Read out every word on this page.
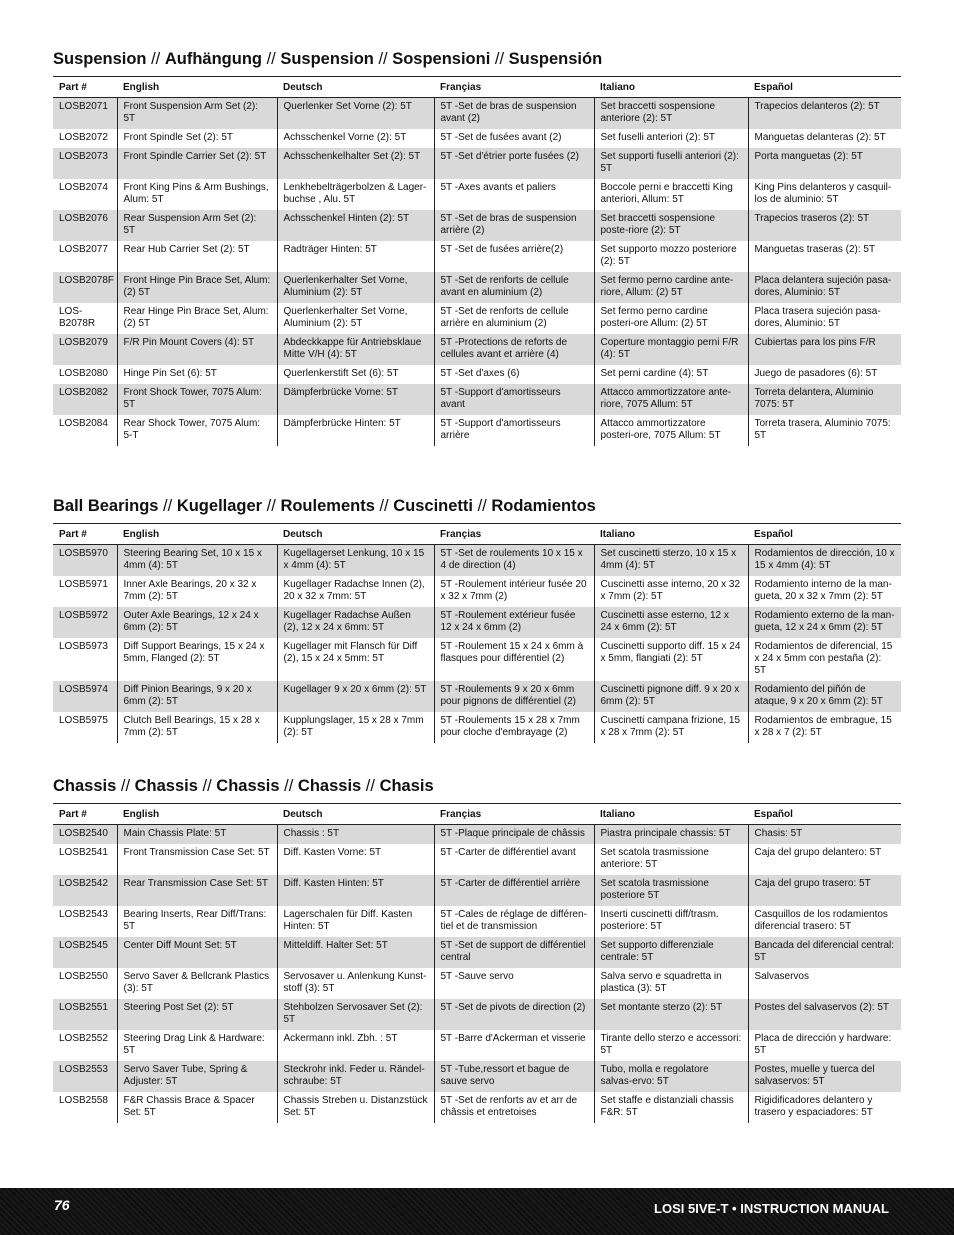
Suspension // Aufhängung // Suspension // Sospensioni // Suspensión
Part #	English	Deutsch	Françias	Italiano	Español
LOSB2071	Front Suspension Arm Set (2): 5T	Querlenker Set Vorne (2): 5T	5T -Set de bras de suspension avant (2)	Set braccetti sospensione anteriore (2): 5T	Trapecios delanteros (2): 5T
LOSB2072	Front Spindle Set (2): 5T	Achsschenkel Vorne (2): 5T	5T -Set de fusées avant (2)	Set fuselli anteriori (2): 5T	Manguetas delanteras (2): 5T
LOSB2073	Front Spindle Carrier Set (2): 5T	Achsschenkelhalter Set (2): 5T	5T -Set d'étrier porte fusées (2)	Set supporti fuselli anteriori (2): 5T	Porta manguetas (2): 5T
LOSB2074	Front King Pins & Arm Bushings, Alum: 5T	Lenkhebelträgerbolzen & Lager-buchse , Alu. 5T	5T -Axes avants et paliers	Boccole perni e braccetti King anteriori, Allum: 5T	King Pins delanteros y casquil-los de aluminio: 5T
LOSB2076	Rear Suspension Arm Set (2): 5T	Achsschenkel Hinten (2): 5T	5T -Set de bras de suspension arrière (2)	Set braccetti sospensione poste-riore (2): 5T	Trapecios traseros (2): 5T
LOSB2077	Rear Hub Carrier Set (2): 5T	Radträger Hinten: 5T	5T -Set de fusées arrière(2)	Set supporto mozzo posteriore (2): 5T	Manguetas traseras (2): 5T
LOSB2078F	Front Hinge Pin Brace Set, Alum: (2) 5T	Querlenkerhalter Set Vorne, Aluminium (2): 5T	5T -Set de renforts de cellule avant en aluminium (2)	Set fermo perno cardine ante-riore, Allum: (2) 5T	Placa delantera sujeción pasa-dores, Aluminio: 5T
LOS-B2078R	Rear Hinge Pin Brace Set, Alum: (2) 5T	Querlenkerhalter Set Vorne, Aluminium (2): 5T	5T -Set de renforts de cellule arrière en aluminium (2)	Set fermo perno cardine posteri-ore Allum: (2) 5T	Placa trasera sujeción pasa-dores, Aluminio: 5T
LOSB2079	F/R Pin Mount Covers (4): 5T	Abdeckkappe für Antriebsklaue Mitte V/H (4): 5T	5T -Protections de reforts de cellules avant et arrière (4)	Coperture montaggio perni F/R (4): 5T	Cubiertas para los pins F/R
LOSB2080	Hinge Pin Set (6): 5T	Querlenkerstift Set (6): 5T	5T -Set d'axes (6)	Set perni cardine (4): 5T	Juego de pasadores (6): 5T
LOSB2082	Front Shock Tower, 7075 Alum: 5T	Dämpferbrücke Vorne: 5T	5T -Support d'amortisseurs avant	Attacco ammortizzatore ante-riore, 7075 Allum: 5T	Torreta delantera, Aluminio 7075: 5T
LOSB2084	Rear Shock Tower, 7075 Alum: 5-T	Dämpferbrücke Hinten: 5T	5T -Support d'amortisseurs arrière	Attacco ammortizzatore posteri-ore, 7075 Allum: 5T	Torreta trasera, Aluminio 7075: 5T
Ball Bearings // Kugellager // Roulements // Cuscinetti // Rodamientos
Part #	English	Deutsch	Françias	Italiano	Español
LOSB5970	Steering Bearing Set, 10 x 15 x 4mm (4): 5T	Kugellagerset Lenkung, 10 x 15 x 4mm (4): 5T	5T -Set de roulements 10 x 15 x 4 de direction (4)	Set cuscinetti sterzo, 10 x 15 x 4mm (4): 5T	Rodamientos de dirección, 10 x 15 x 4mm (4): 5T
LOSB5971	Inner Axle Bearings, 20 x 32 x 7mm (2): 5T	Kugellager Radachse Innen (2), 20 x 32 x 7mm: 5T	5T -Roulement intérieur fusée 20 x 32 x 7mm (2)	Cuscinetti asse interno, 20 x 32 x 7mm (2): 5T	Rodamiento interno de la man-gueta, 20 x 32 x 7mm (2): 5T
LOSB5972	Outer Axle Bearings, 12 x 24 x 6mm (2): 5T	Kugellager Radachse Außen (2), 12 x 24 x 6mm: 5T	5T -Roulement extérieur fusée 12 x 24 x 6mm (2)	Cuscinetti asse esterno, 12 x 24 x 6mm (2): 5T	Rodamiento externo de la man-gueta, 12 x 24 x 6mm (2): 5T
LOSB5973	Diff Support Bearings, 15 x 24 x 5mm, Flanged (2): 5T	Kugellager mit Flansch für Diff (2), 15 x 24 x 5mm: 5T	5T -Roulement 15 x 24 x 6mm à flasques pour différentiel (2)	Cuscinetti supporto diff. 15 x 24 x 5mm, flangiati (2): 5T	Rodamientos de diferencial, 15 x 24 x 5mm con pestaña (2): 5T
LOSB5974	Diff Pinion Bearings, 9 x 20 x 6mm (2): 5T	Kugellager 9 x 20 x 6mm (2): 5T	5T -Roulements 9 x 20 x 6mm pour pignons de différentiel (2)	Cuscinetti pignone diff. 9 x 20 x 6mm (2): 5T	Rodamiento del piñón de ataque, 9 x 20 x 6mm (2): 5T
LOSB5975	Clutch Bell Bearings, 15 x 28 x 7mm (2): 5T	Kupplungslager, 15 x 28 x 7mm (2): 5T	5T -Roulements 15 x 28 x 7mm pour cloche d'embrayage (2)	Cuscinetti campana frizione, 15 x 28 x 7mm (2): 5T	Rodamientos de embrague, 15 x 28 x 7 (2): 5T
Chassis // Chassis // Chassis // Chassis // Chasis
Part #	English	Deutsch	Françias	Italiano	Español
LOSB2540	Main Chassis Plate: 5T	Chassis : 5T	5T -Plaque principale de châssis	Piastra principale chassis: 5T	Chasis: 5T
LOSB2541	Front Transmission Case Set: 5T	Diff. Kasten Vorne: 5T	5T -Carter de différentiel avant	Set scatola trasmissione anteriore: 5T	Caja del grupo delantero: 5T
LOSB2542	Rear Transmission Case Set: 5T	Diff. Kasten Hinten: 5T	5T -Carter de différentiel arrière	Set scatola trasmissione posteriore 5T	Caja del grupo trasero: 5T
LOSB2543	Bearing Inserts, Rear Diff/Trans: 5T	Lagerschalen für Diff. Kasten Hinten: 5T	5T -Cales de réglage de différen-tiel et de transmission	Inserti cuscinetti diff/trasm. posteriore: 5T	Casquillos de los rodamientos diferencial trasero: 5T
LOSB2545	Center Diff Mount Set: 5T	Mitteldiff. Halter Set: 5T	5T -Set de support de différentiel central	Set supporto differenziale centrale: 5T	Bancada del diferencial central: 5T
LOSB2550	Servo Saver & Bellcrank Plastics (3): 5T	Servosaver u. Anlenkung Kunst-stoff (3): 5T	5T -Sauve servo	Salva servo e squadretta in plastica (3): 5T	Salvaservos
LOSB2551	Steering Post Set (2): 5T	Stehbolzen Servosaver Set (2): 5T	5T -Set de pivots de direction (2)	Set montante sterzo (2): 5T	Postes del salvaservos (2): 5T
LOSB2552	Steering Drag Link & Hardware: 5T	Ackermann inkl. Zbh. : 5T	5T -Barre d'Ackerman et visserie	Tirante dello sterzo e accessori: 5T	Placa de dirección y hardware: 5T
LOSB2553	Servo Saver Tube, Spring & Adjuster: 5T	Steckrohr inkl. Feder u. Rändel-schraube: 5T	5T -Tube,ressort et bague de sauve servo	Tubo, molla e regolatore salvas-ervo: 5T	Postes, muelle y tuerca del salvaservos: 5T
LOSB2558	F&R Chassis Brace & Spacer Set: 5T	Chassis Streben u. Distanzstück Set: 5T	5T -Set de renforts av et arr de châssis et entretoises	Set staffe e distanziali chassis F&R: 5T	Rigidificadores delantero y trasero y espaciadores: 5T
76	LOSI 5IVE-T • INSTRUCTION MANUAL
